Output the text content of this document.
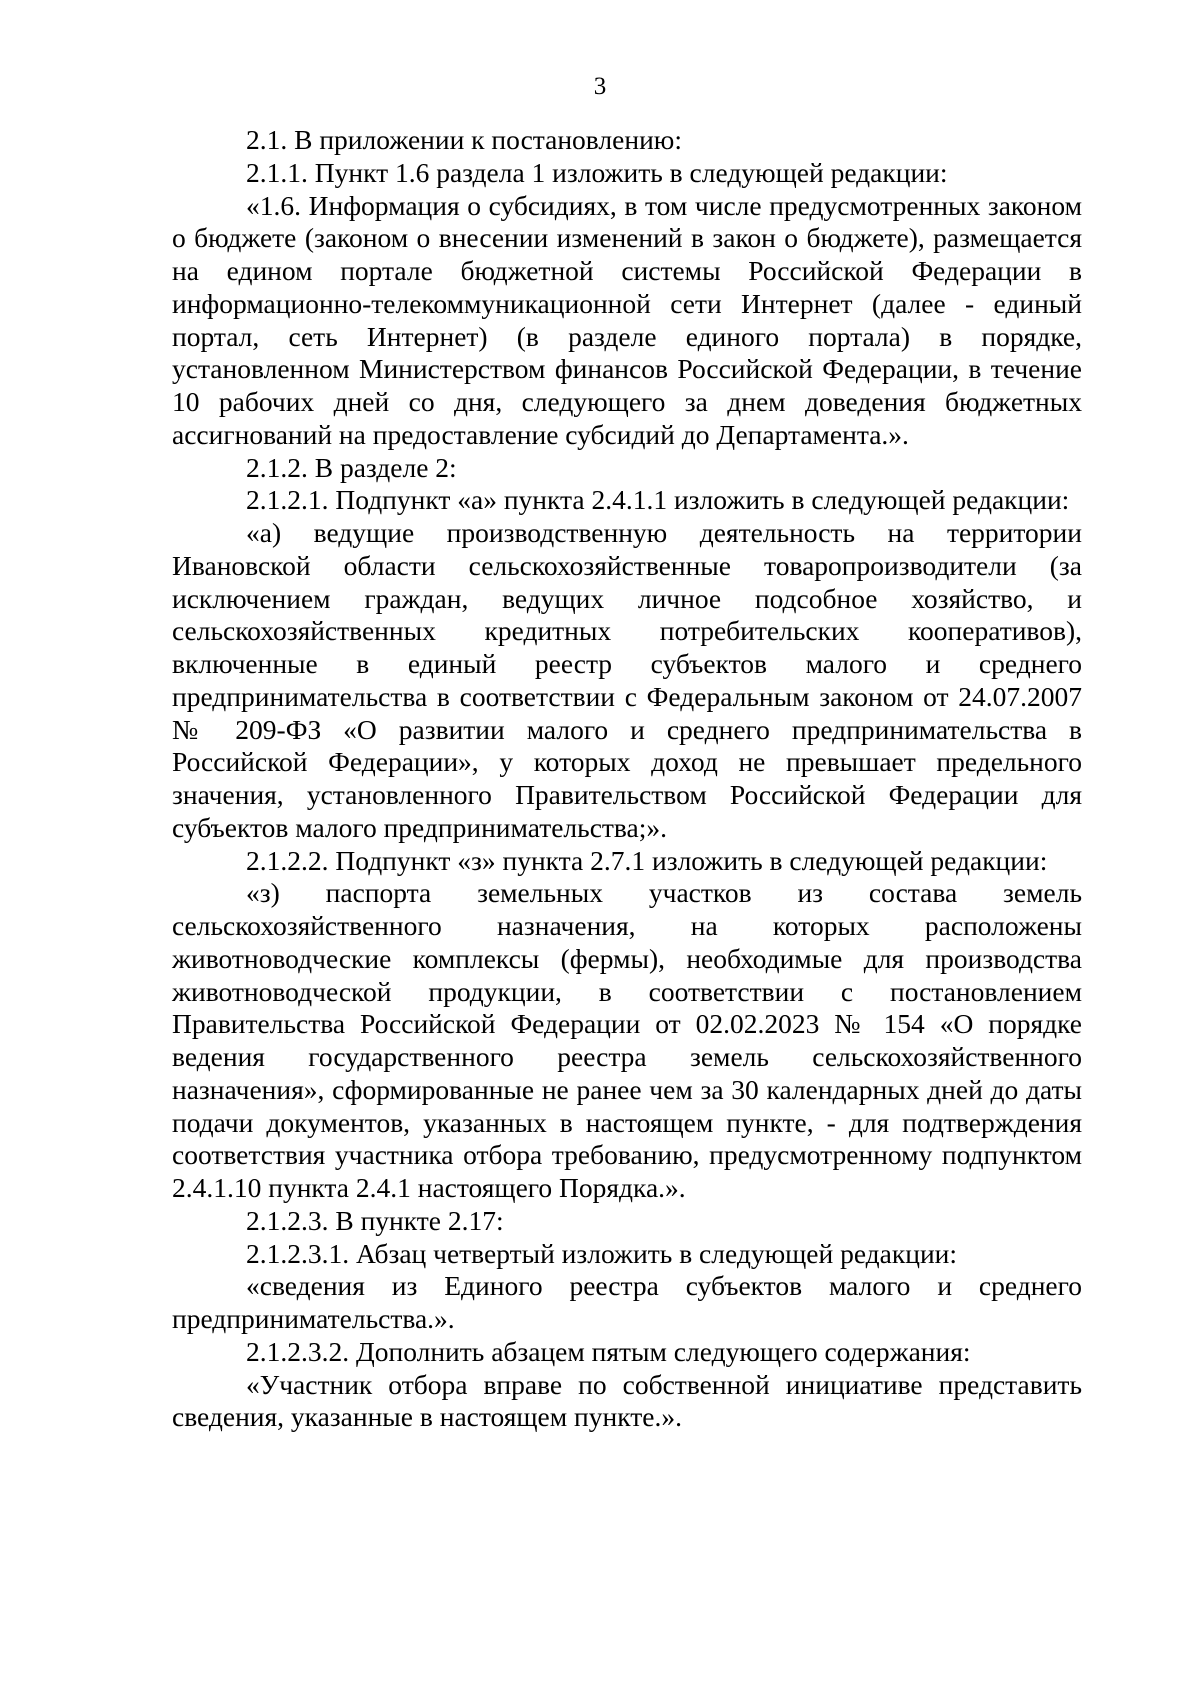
3

2.1. В приложении к постановлению:

2.1.1. Пункт 1.6 раздела 1 изложить в следующей редакции:

«1.6. Информация о субсидиях, в том числе предусмотренных законом о бюджете (законом о внесении изменений в закон о бюджете), размещается на едином портале бюджетной системы Российской Федерации в информационно-телекоммуникационной сети Интернет (далее - единый портал, сеть Интернет) (в разделе единого портала) в порядке, установленном Министерством финансов Российской Федерации, в течение 10 рабочих дней со дня, следующего за днем доведения бюджетных ассигнований на предоставление субсидий до Департамента.».

2.1.2. В разделе 2:

2.1.2.1. Подпункт «а» пункта 2.4.1.1 изложить в следующей редакции:

«а) ведущие производственную деятельность на территории Ивановской области сельскохозяйственные товаропроизводители (за исключением граждан, ведущих личное подсобное хозяйство, и сельскохозяйственных кредитных потребительских кооперативов), включенные в единый реестр субъектов малого и среднего предпринимательства в соответствии с Федеральным законом от 24.07.2007 № 209-ФЗ «О развитии малого и среднего предпринимательства в Российской Федерации», у которых доход не превышает предельного значения, установленного Правительством Российской Федерации для субъектов малого предпринимательства;».

2.1.2.2. Подпункт «з» пункта 2.7.1 изложить в следующей редакции:

«з) паспорта земельных участков из состава земель сельскохозяйственного назначения, на которых расположены животноводческие комплексы (фермы), необходимые для производства животноводческой продукции, в соответствии с постановлением Правительства Российской Федерации от 02.02.2023 № 154 «О порядке ведения государственного реестра земель сельскохозяйственного назначения», сформированные не ранее чем за 30 календарных дней до даты подачи документов, указанных в настоящем пункте, - для подтверждения соответствия участника отбора требованию, предусмотренному подпунктом 2.4.1.10 пункта 2.4.1 настоящего Порядка.».

2.1.2.3. В пункте 2.17:

2.1.2.3.1. Абзац четвертый изложить в следующей редакции:

«сведения из Единого реестра субъектов малого и среднего предпринимательства.».

2.1.2.3.2. Дополнить абзацем пятым следующего содержания:

«Участник отбора вправе по собственной инициативе представить сведения, указанные в настоящем пункте.».
